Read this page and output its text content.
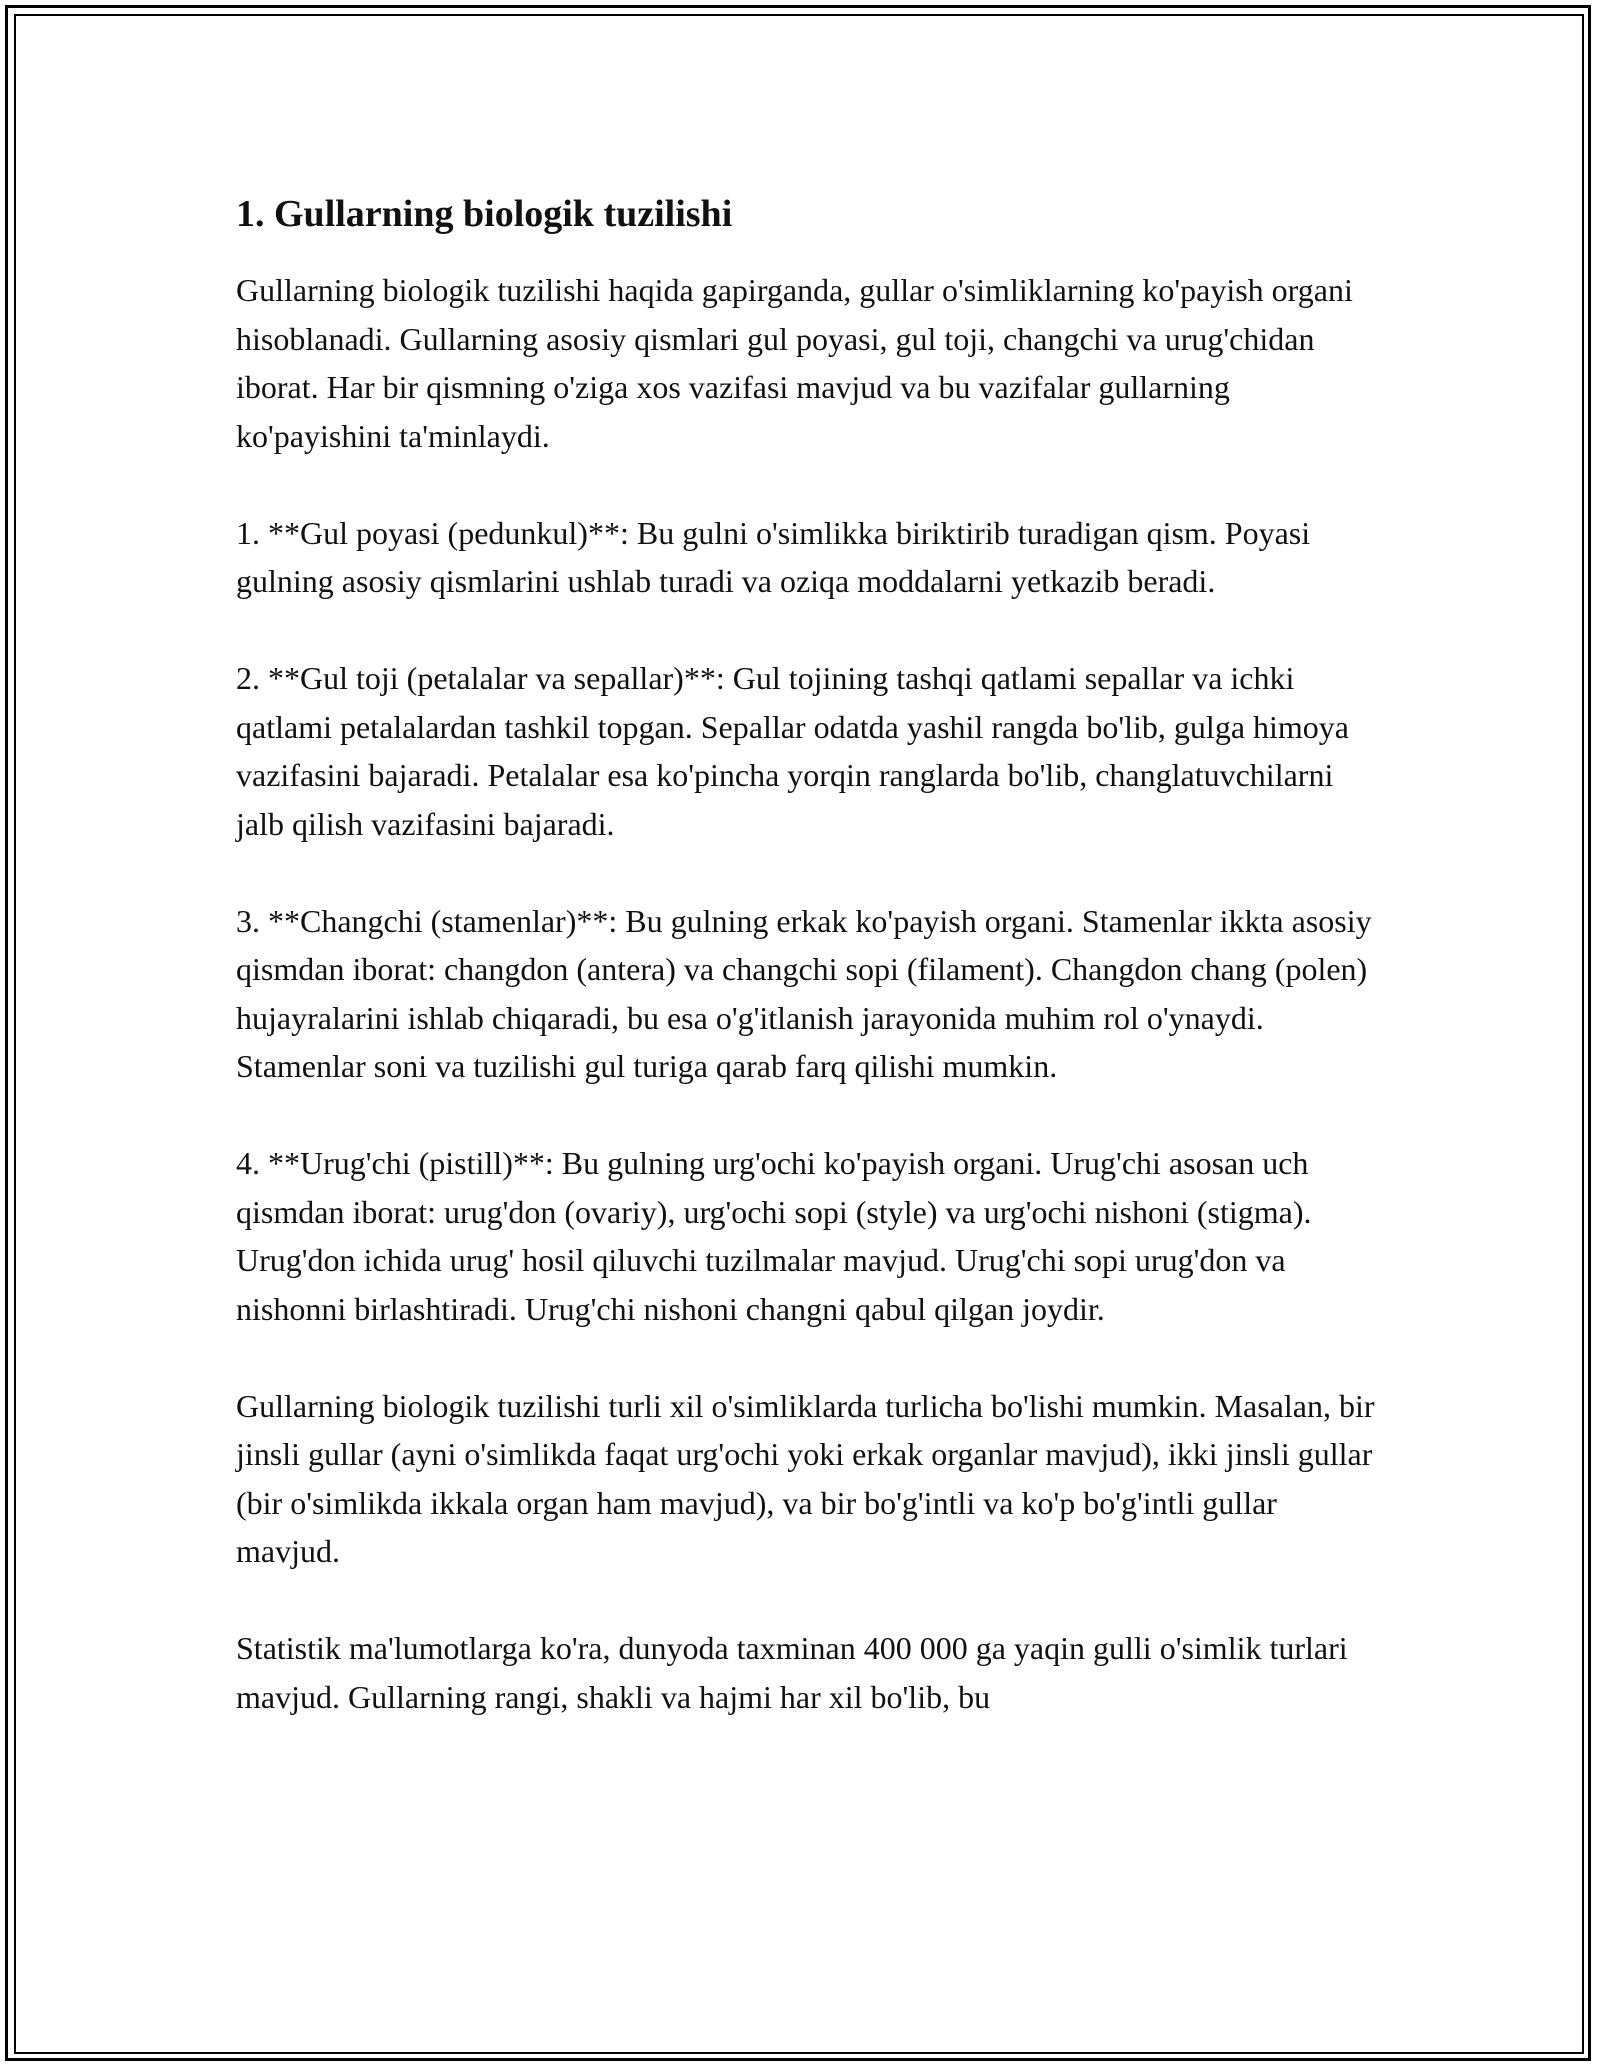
1. Gullarning biologik tuzilishi

Gullarning biologik tuzilishi haqida gapirganda, gullar o'simliklarning ko'payish organi hisoblanadi. Gullarning asosiy qismlari gul poyasi, gul toji, changchi va urug'chidan iborat. Har bir qismning o'ziga xos vazifasi mavjud va bu vazifalar gullarning ko'payishini ta'minlaydi.

1. **Gul poyasi (pedunkul)**: Bu gulni o'simlikka biriktirib turadigan qism. Poyasi gulning asosiy qismlarini ushlab turadi va oziqa moddalarni yetkazib beradi.

2. **Gul toji (petalalar va sepallar)**: Gul tojining tashqi qatlami sepallar va ichki qatlami petalalardan tashkil topgan. Sepallar odatda yashil rangda bo'lib, gulga himoya vazifasini bajaradi. Petalalar esa ko'pincha yorqin ranglarda bo'lib, changlatuvchilarni jalb qilish vazifasini bajaradi.

3. **Changchi (stamenlar)**: Bu gulning erkak ko'payish organi. Stamenlar ikkta asosiy qismdan iborat: changdon (antera) va changchi sopi (filament). Changdon chang (polen) hujayralarini ishlab chiqaradi, bu esa o'g'itlanish jarayonida muhim rol o'ynaydi. Stamenlar soni va tuzilishi gul turiga qarab farq qilishi mumkin.

4. **Urug'chi (pistill)**: Bu gulning urg'ochi ko'payish organi. Urug'chi asosan uch qismdan iborat: urug'don (ovariy), urg'ochi sopi (style) va urg'ochi nishoni (stigma). Urug'don ichida urug' hosil qiluvchi tuzilmalar mavjud. Urug'chi sopi urug'don va nishonni birlashtiradi. Urug'chi nishoni changni qabul qilgan joydir.

Gullarning biologik tuzilishi turli xil o'simliklarda turlicha bo'lishi mumkin. Masalan, bir jinsli gullar (ayni o'simlikda faqat urg'ochi yoki erkak organlar mavjud), ikki jinsli gullar (bir o'simlikda ikkala organ ham mavjud), va bir bo'g'intli va ko'p bo'g'intli gullar mavjud.

Statistik ma'lumotlarga ko'ra, dunyoda taxminan 400 000 ga yaqin gulli o'simlik turlari mavjud. Gullarning rangi, shakli va hajmi har xil bo'lib, bu
